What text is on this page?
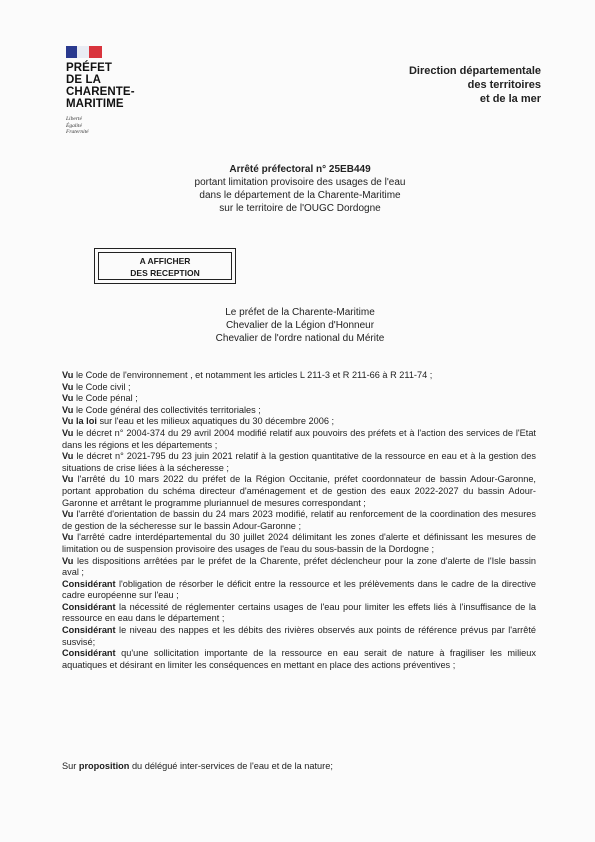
PRÉFET
DE LA
CHARENTE-
MARITIME
Liberté
Égalité
Fraternité
Direction départementale
des territoires
et de la mer
Arrêté préfectoral n° 25EB449
portant limitation provisoire des usages de l'eau
dans le département de la Charente-Maritime
sur le territoire de l'OUGC Dordogne
A AFFICHER
DES RECEPTION
Le préfet de la Charente-Maritime
Chevalier de la Légion d'Honneur
Chevalier de l'ordre national du Mérite

Vu le Code de l'environnement , et notamment les articles L 211-3 et R 211-66 à R 211-74 ;

Vu le Code civil ;

Vu le Code pénal ;

Vu le Code général des collectivités territoriales ;

Vu la loi sur l'eau et les milieux aquatiques du 30 décembre 2006 ;

Vu le décret n° 2004-374 du 29 avril 2004 modifié relatif aux pouvoirs des préfets et à l'action des services de l'Etat dans les régions et les départements ;

Vu le décret n° 2021-795 du 23 juin 2021 relatif à la gestion quantitative de la ressource en eau et à la gestion des situations de crise liées à la sécheresse ;

Vu l'arrêté du 10 mars 2022 du préfet de la Région Occitanie, préfet coordonnateur de bassin Adour-Garonne, portant approbation du schéma directeur d'aménagement et de gestion des eaux 2022-2027 du bassin Adour-Garonne et arrêtant le programme pluriannuel de mesures correspondant ;

Vu l'arrêté d'orientation de bassin du 24 mars 2023 modifié, relatif au renforcement de la coordination des mesures de gestion de la sécheresse sur le bassin Adour-Garonne ;

Vu l'arrêté cadre interdépartemental du 30 juillet 2024 délimitant les zones d'alerte et définissant les mesures de limitation ou de suspension provisoire des usages de l'eau du sous-bassin de la Dordogne ;

Vu les dispositions arrêtées par le préfet de la Charente, préfet déclencheur pour la zone d'alerte de l'Isle bassin aval ;

Considérant l'obligation de résorber le déficit entre la ressource et les prélèvements dans le cadre de la directive cadre européenne sur l'eau ;

Considérant la nécessité de réglementer certains usages de l'eau pour limiter les effets liés à l'insuffisance de la ressource en eau dans le département ;

Considérant le niveau des nappes et les débits des rivières observés aux points de référence prévus par l'arrêté susvisé;

Considérant qu'une sollicitation importante de la ressource en eau serait de nature à fragiliser les milieux aquatiques et désirant en limiter les conséquences en mettant en place des actions préventives ;

Sur proposition du délégué inter-services de l'eau et de la nature;
